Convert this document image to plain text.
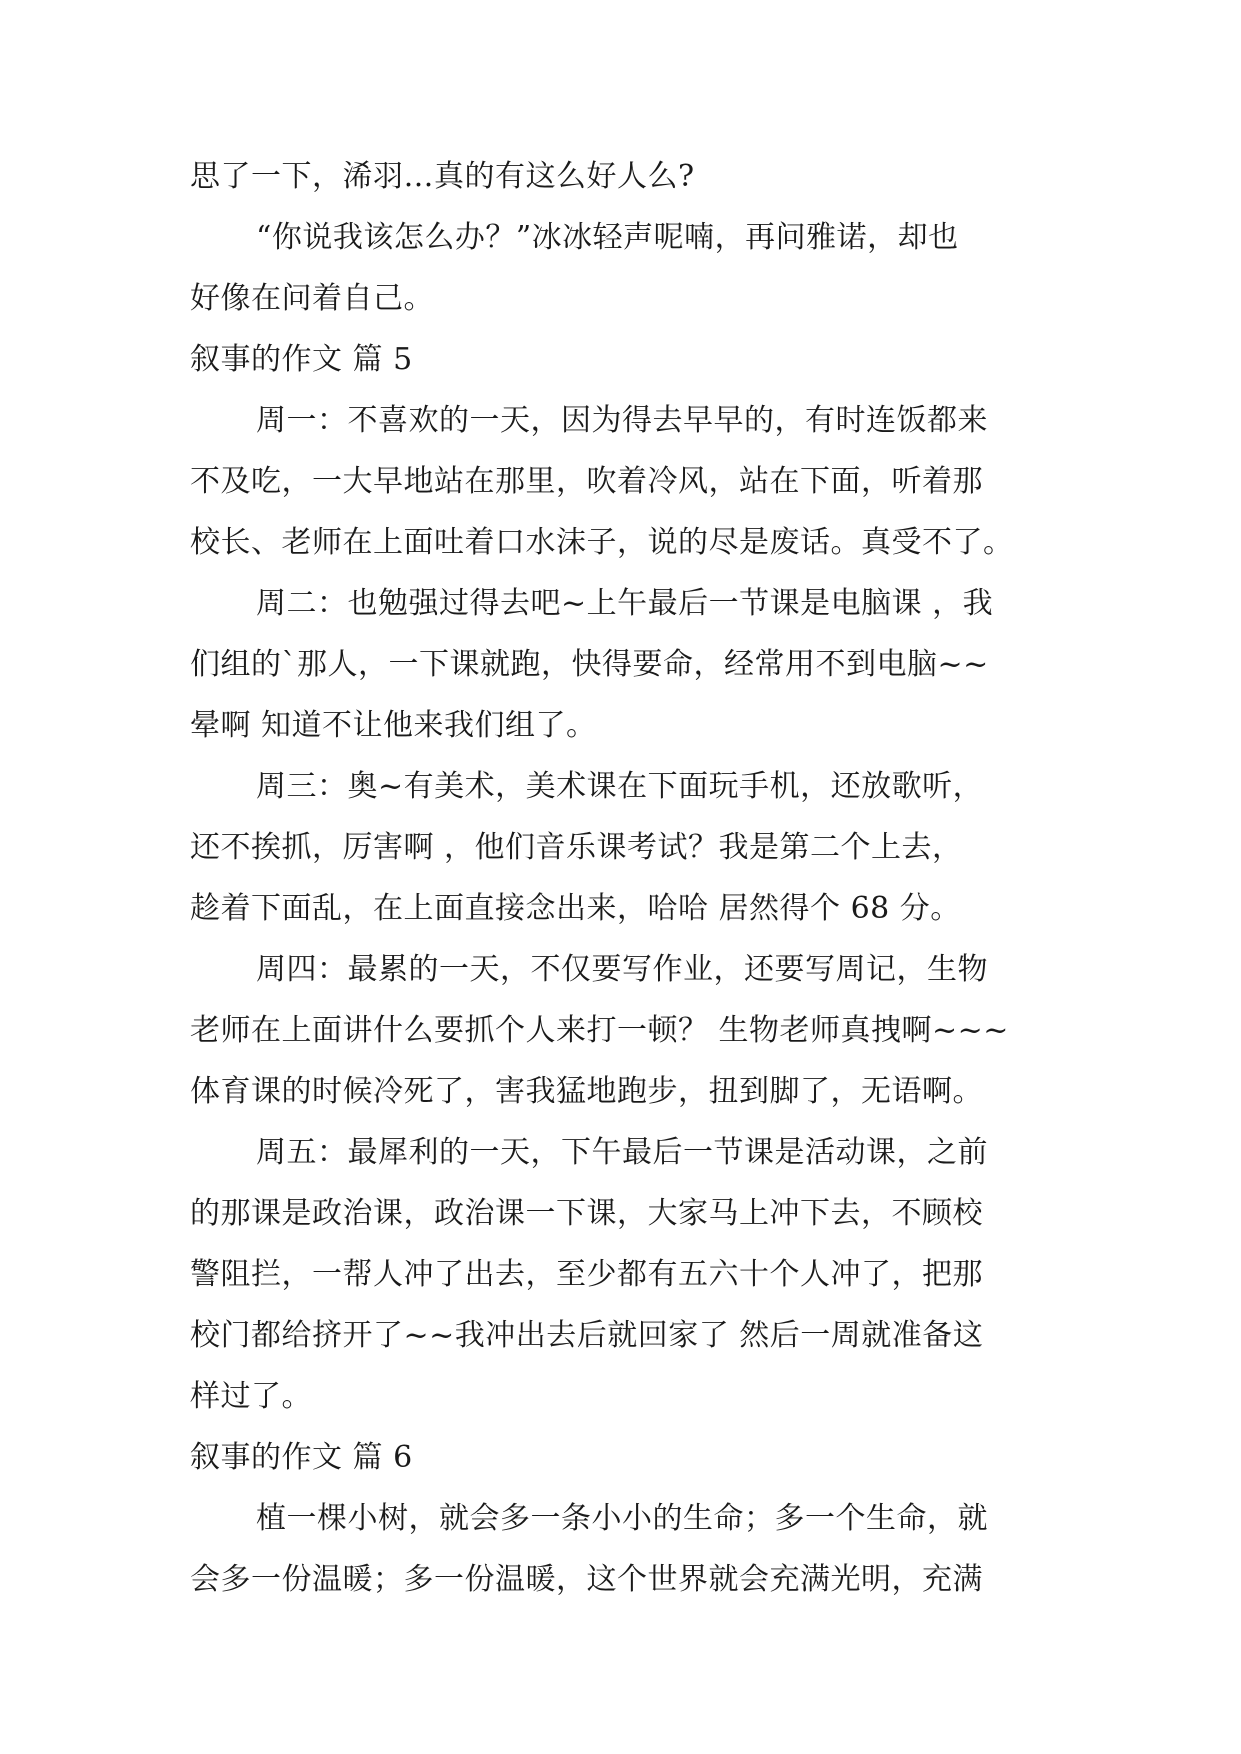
思了一下，浠羽…真的有这么好人么?
“你说我该怎么办？”冰冰轻声呢喃，再问雅诺，却也
好像在问着自己。
叙事的作文 篇 5
周一：不喜欢的一天，因为得去早早的，有时连饭都来
不及吃，一大早地站在那里，吹着冷风，站在下面，听着那
校长、老师在上面吐着口水沫子，说的尽是废话。真受不了。
周二：也勉强过得去吧~上午最后一节课是电脑课 ，我
们组的`那人，一下课就跑，快得要命，经常用不到电脑~~
晕啊 知道不让他来我们组了。
周三：奥~有美术，美术课在下面玩手机，还放歌听，
还不挨抓，厉害啊 ，他们音乐课考试？我是第二个上去，
趁着下面乱，在上面直接念出来，哈哈 居然得个 68 分。
周四：最累的一天，不仅要写作业，还要写周记，生物
老师在上面讲什么要抓个人来打一顿？ 生物老师真拽啊~~~
体育课的时候冷死了，害我猛地跑步，扭到脚了，无语啊。
周五：最犀利的一天，下午最后一节课是活动课，之前
的那课是政治课，政治课一下课，大家马上冲下去，不顾校
警阻拦，一帮人冲了出去，至少都有五六十个人冲了，把那
校门都给挤开了~~我冲出去后就回家了 然后一周就准备这
样过了。
叙事的作文 篇 6
植一棵小树，就会多一条小小的生命；多一个生命，就
会多一份温暖；多一份温暖，这个世界就会充满光明，充满
